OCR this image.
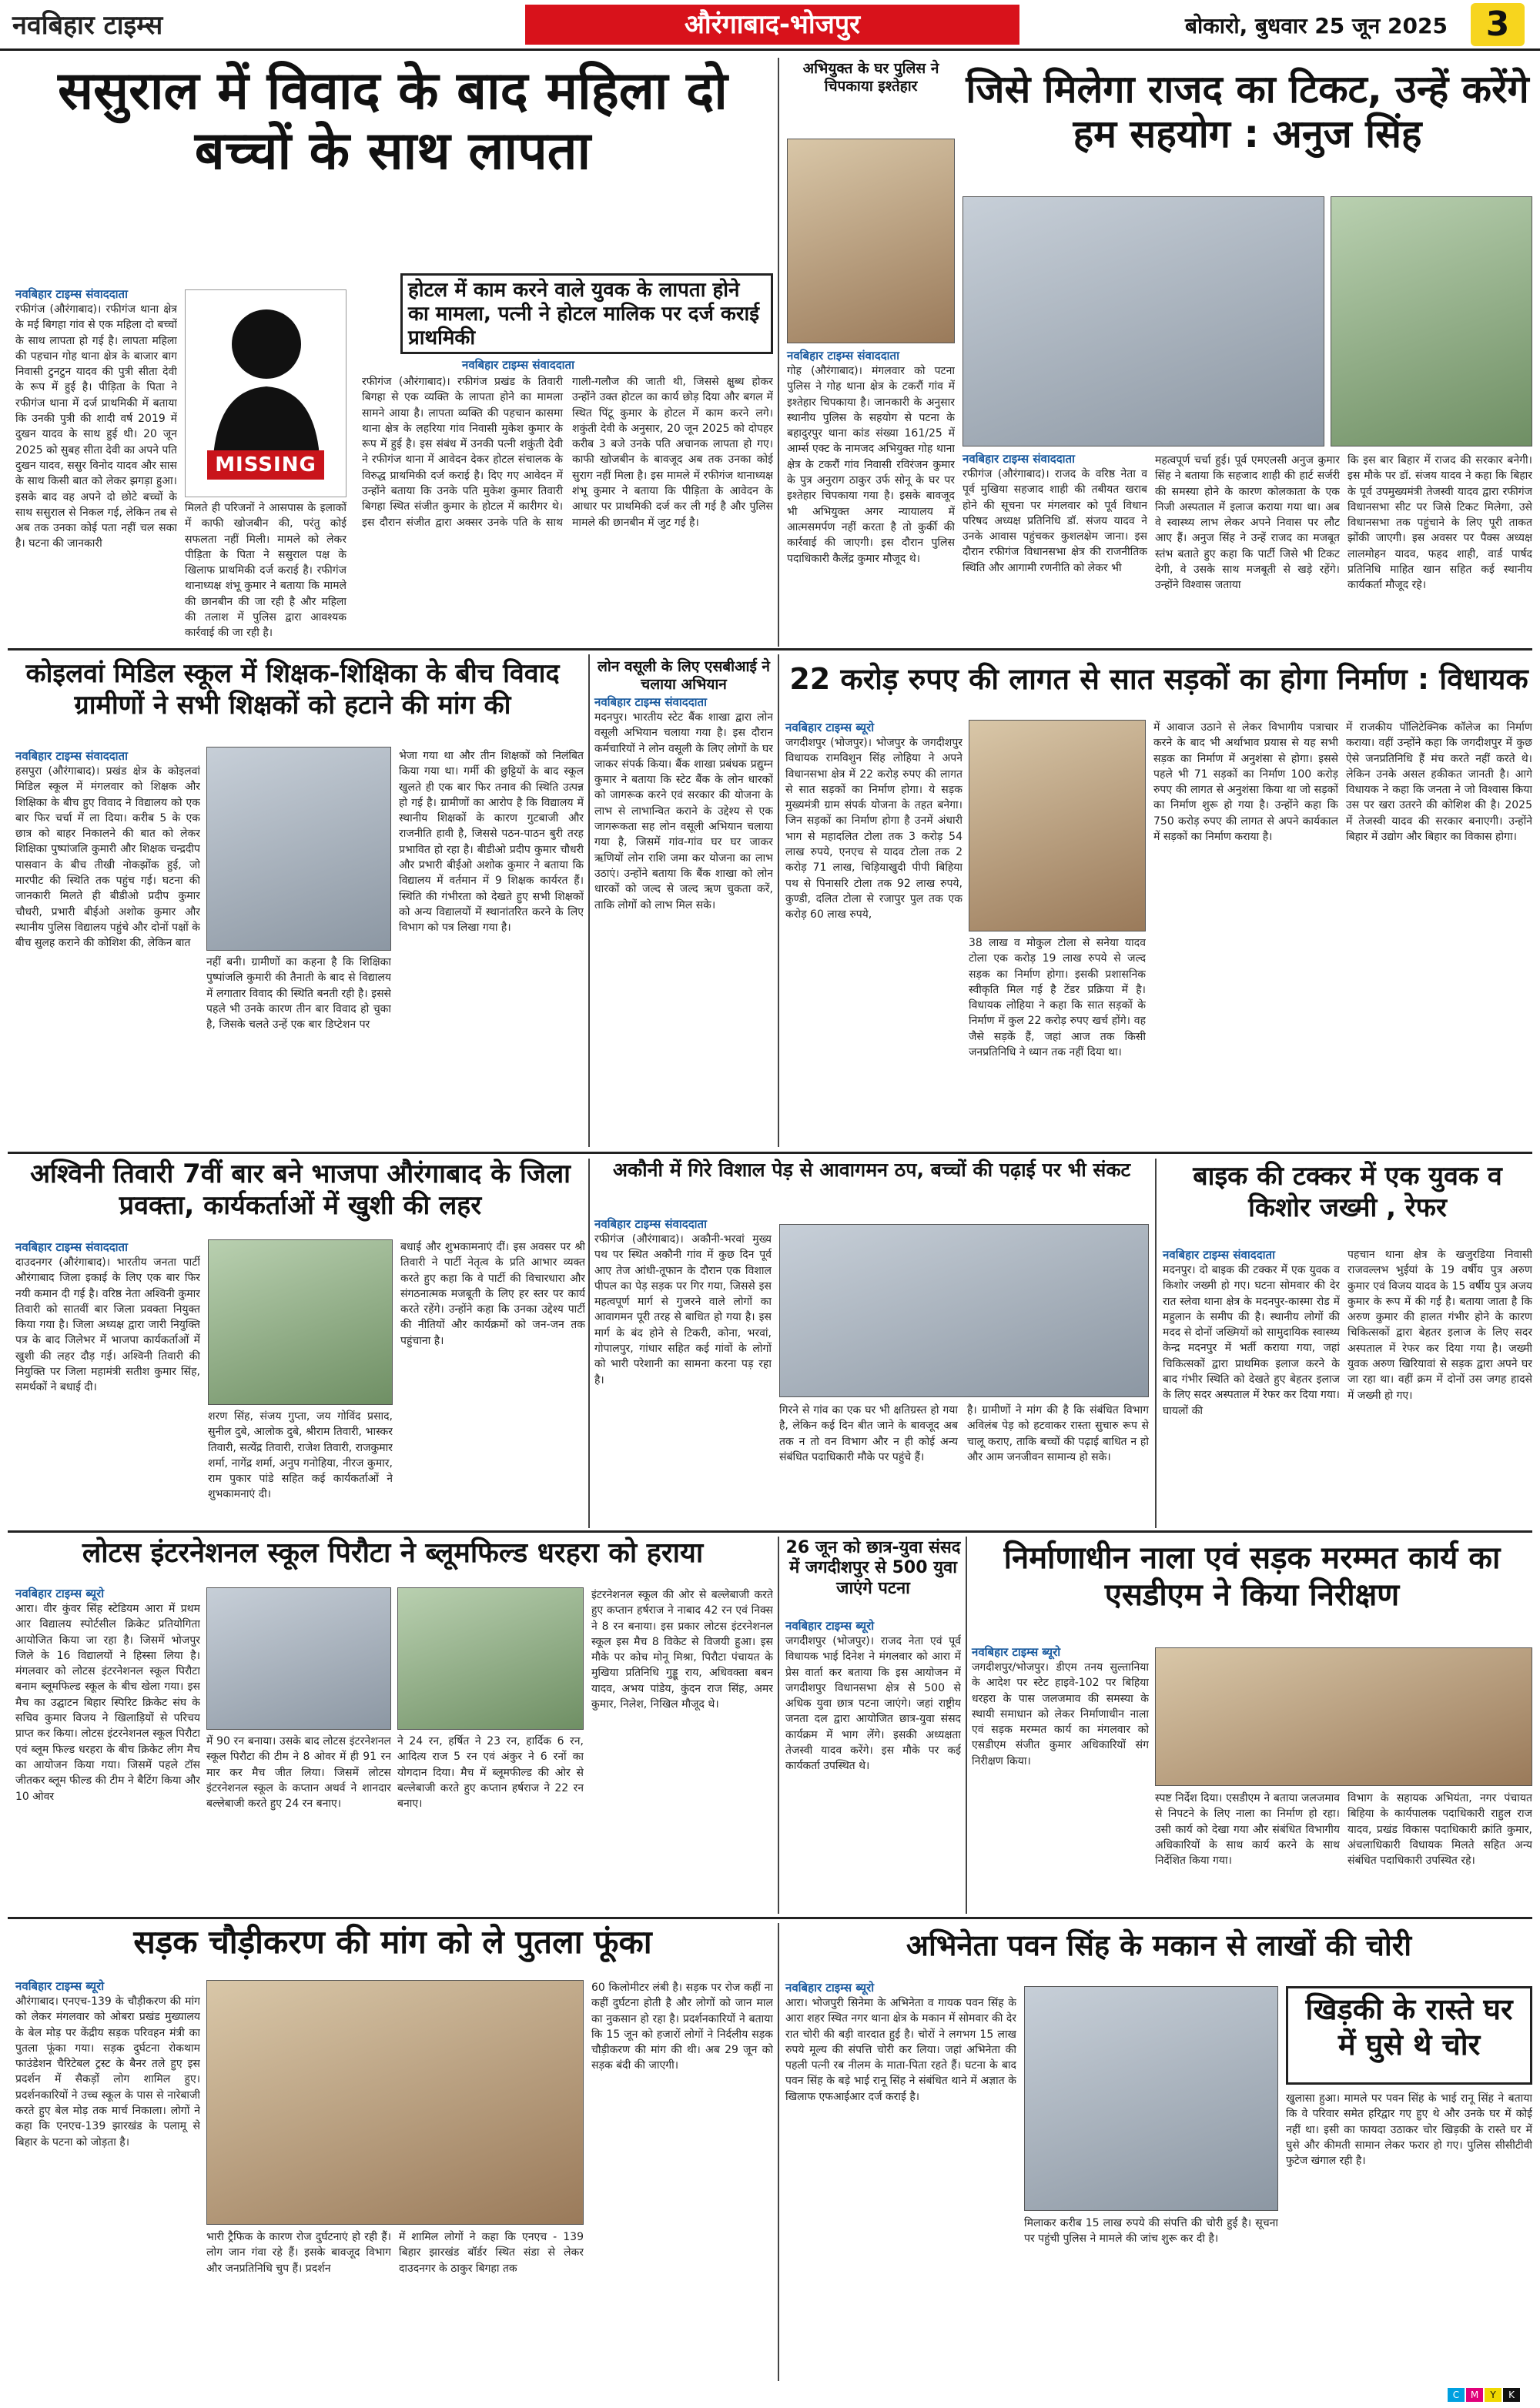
नवबिहार टाइम्स	औरंगाबाद-भोजपुर	बोकारो, बुधवार 25 जून 2025	3
ससुराल में विवाद के बाद महिला दो बच्चों के साथ लापता
नवबिहार टाइम्स संवाददाता
रफीगंज (औरंगाबाद)। रफीगंज थाना क्षेत्र के मई बिगहा गांव से एक महिला दो बच्चों के साथ लापता हो गई है। लापता महिला की पहचान गोह थाना क्षेत्र के बाजार बाग निवासी टुनटुन यादव की पुत्री सीता देवी के रूप में हुई है। पीड़िता के पिता ने रफीगंज थाना में दर्ज प्राथमिकी में बताया कि उनकी पुत्री की शादी वर्ष 2019 में दुखन यादव के साथ हुई थी। 20 जून 2025 को सुबह सीता देवी का अपने पति दुखन यादव, ससुर विनोद यादव और सास के साथ किसी बात को लेकर झगड़ा हुआ। इसके बाद वह अपने दो छोटे बच्चों के साथ ससुराल से निकल गई, लेकिन तब से अब तक उनका कोई पता नहीं चल सका है। घटना की जानकारी
MISSING
मिलते ही परिजनों ने आसपास के इलाकों में काफी खोजबीन की, परंतु कोई सफलता नहीं मिली। मामले को लेकर पीड़िता के पिता ने ससुराल पक्ष के खिलाफ प्राथमिकी दर्ज कराई है। रफीगंज थानाध्यक्ष शंभू कुमार ने बताया कि मामले की छानबीन की जा रही है और महिला की तलाश में पुलिस द्वारा आवश्यक कार्रवाई की जा रही है।
होटल में काम करने वाले युवक के लापता होने का मामला, पत्नी ने होटल मालिक पर दर्ज कराई प्राथमिकी
नवबिहार टाइम्स संवाददाता
रफीगंज (औरंगाबाद)। रफीगंज प्रखंड के तिवारी बिगहा से एक व्यक्ति के लापता होने का मामला सामने आया है। लापता व्यक्ति की पहचान कासमा थाना क्षेत्र के लहरिया गांव निवासी मुकेश कुमार के रूप में हुई है। इस संबंध में उनकी पत्नी शकुंती देवी ने रफीगंज थाना में आवेदन देकर होटल संचालक के विरुद्ध प्राथमिकी दर्ज कराई है। दिए गए आवेदन में उन्होंने बताया कि उनके पति मुकेश कुमार तिवारी बिगहा स्थित संजीत कुमार के होटल में कारीगर थे। इस दौरान संजीत द्वारा अक्सर उनके पति के साथ गाली-गलौज की जाती थी, जिससे क्षुब्ध होकर उन्होंने उक्त होटल का कार्य छोड़ दिया और बगल में स्थित पिंटू कुमार के होटल में काम करने लगे। शकुंती देवी के अनुसार, 20 जून 2025 को दोपहर करीब 3 बजे उनके पति अचानक लापता हो गए। काफी खोजबीन के बावजूद अब तक उनका कोई सुराग नहीं मिला है। इस मामले में रफीगंज थानाध्यक्ष शंभू कुमार ने बताया कि पीड़िता के आवेदन के आधार पर प्राथमिकी दर्ज कर ली गई है और पुलिस मामले की छानबीन में जुट गई है।
अभियुक्त के घर पुलिस ने चिपकाया इश्तेहार
नवबिहार टाइम्स संवाददाता
गोह (औरंगाबाद)। मंगलवार को पटना पुलिस ने गोह थाना क्षेत्र के टकरौं गांव में इश्तेहार चिपकाया है। जानकारी के अनुसार स्थानीय पुलिस के सहयोग से पटना के बहादुरपुर थाना कांड संख्या 161/25 में आर्म्स एक्ट के नामजद अभियुक्त गोह थाना क्षेत्र के टकरौं गांव निवासी रविरंजन कुमार के पुत्र अनुराग ठाकुर उर्फ सोनू के घर पर इश्तेहार चिपकाया गया है। इसके बावजूद भी अभियुक्त अगर न्यायालय में आत्मसमर्पण नहीं करता है तो कुर्की की कार्रवाई की जाएगी। इस दौरान पुलिस पदाधिकारी कैलेंद्र कुमार मौजूद थे।
जिसे मिलेगा राजद का टिकट, उन्हें करेंगे हम सहयोग : अनुज सिंह
नवबिहार टाइम्स संवाददाता
रफीगंज (औरंगाबाद)। राजद के वरिष्ठ नेता व पूर्व मुखिया सहजाद शाही की तबीयत खराब होने की सूचना पर मंगलवार को पूर्व विधान परिषद अध्यक्ष प्रतिनिधि डॉ. संजय यादव ने उनके आवास पहुंचकर कुशलक्षेम जाना। इस दौरान रफीगंज विधानसभा क्षेत्र की राजनीतिक स्थिति और आगामी रणनीति को लेकर भी
महत्वपूर्ण चर्चा हुई। पूर्व एमएलसी अनुज कुमार सिंह ने बताया कि सहजाद शाही की हार्ट सर्जरी की समस्या होने के कारण कोलकाता के एक निजी अस्पताल में इलाज कराया गया था। अब वे स्वास्थ्य लाभ लेकर अपने निवास पर लौट आए हैं। अनुज सिंह ने उन्हें राजद का मजबूत स्तंभ बताते हुए कहा कि पार्टी जिसे भी टिकट देगी, वे उसके साथ मजबूती से खड़े रहेंगे। उन्होंने विश्वास जताया
कि इस बार बिहार में राजद की सरकार बनेगी। इस मौके पर डॉ. संजय यादव ने कहा कि बिहार के पूर्व उपमुख्यमंत्री तेजस्वी यादव द्वारा रफीगंज विधानसभा सीट पर जिसे टिकट मिलेगा, उसे विधानसभा तक पहुंचाने के लिए पूरी ताकत झोंकी जाएगी। इस अवसर पर पैक्स अध्यक्ष लालमोहन यादव, फहद शाही, वार्ड पार्षद प्रतिनिधि माहित खान सहित कई स्थानीय कार्यकर्ता मौजूद रहे।
कोइलवां मिडिल स्कूल में शिक्षक-शिक्षिका के बीच विवाद ग्रामीणों ने सभी शिक्षकों को हटाने की मांग की
नवबिहार टाइम्स संवाददाता
हसपुरा (औरंगाबाद)। प्रखंड क्षेत्र के कोइलवां मिडिल स्कूल में मंगलवार को शिक्षक और शिक्षिका के बीच हुए विवाद ने विद्यालय को एक बार फिर चर्चा में ला दिया। करीब 5 के एक छात्र को बाहर निकालने की बात को लेकर शिक्षिका पुष्पांजलि कुमारी और शिक्षक चन्द्रदीप पासवान के बीच तीखी नोकझोंक हुई, जो मारपीट की स्थिति तक पहुंच गई। घटना की जानकारी मिलते ही बीडीओ प्रदीप कुमार चौधरी, प्रभारी बीईओ अशोक कुमार और स्थानीय पुलिस विद्यालय पहुंचे और दोनों पक्षों के बीच सुलह कराने की कोशिश की, लेकिन बात
नहीं बनी। ग्रामीणों का कहना है कि शिक्षिका पुष्पांजलि कुमारी की तैनाती के बाद से विद्यालय में लगातार विवाद की स्थिति बनती रही है। इससे पहले भी उनके कारण तीन बार विवाद हो चुका है, जिसके चलते उन्हें एक बार डिप्टेशन पर
भेजा गया था और तीन शिक्षकों को निलंबित किया गया था। गर्मी की छुट्टियों के बाद स्कूल खुलते ही एक बार फिर तनाव की स्थिति उत्पन्न हो गई है। ग्रामीणों का आरोप है कि विद्यालय में स्थानीय शिक्षकों के कारण गुटबाजी और राजनीति हावी है, जिससे पठन-पाठन बुरी तरह प्रभावित हो रहा है। बीडीओ प्रदीप कुमार चौधरी और प्रभारी बीईओ अशोक कुमार ने बताया कि विद्यालय में वर्तमान में 9 शिक्षक कार्यरत हैं। स्थिति की गंभीरता को देखते हुए सभी शिक्षकों को अन्य विद्यालयों में स्थानांतरित करने के लिए विभाग को पत्र लिखा गया है।
लोन वसूली के लिए एसबीआई ने चलाया अभियान
नवबिहार टाइम्स संवाददाता
मदनपुर। भारतीय स्टेट बैंक शाखा द्वारा लोन वसूली अभियान चलाया गया है। इस दौरान कर्मचारियों ने लोन वसूली के लिए लोगों के घर जाकर संपर्क किया। बैंक शाखा प्रबंधक प्रद्युम्न कुमार ने बताया कि स्टेट बैंक के लोन धारकों को जागरूक करने एवं सरकार की योजना के लाभ से लाभान्वित कराने के उद्देश्य से एक जागरूकता सह लोन वसूली अभियान चलाया गया है, जिसमें गांव-गांव घर घर जाकर ऋणियों लोन राशि जमा कर योजना का लाभ उठाएं। उन्होंने बताया कि बैंक शाखा को लोन धारकों को जल्द से जल्द ऋण चुकता करें, ताकि लोगों को लाभ मिल सके।
22 करोड़ रुपए की लागत से सात सड़कों का होगा निर्माण : विधायक
नवबिहार टाइम्स ब्यूरो
जगदीशपुर (भोजपुर)। भोजपुर के जगदीशपुर विधायक रामविशुन सिंह लोहिया ने अपने विधानसभा क्षेत्र में 22 करोड़ रुपए की लागत से सात सड़कों का निर्माण होगा। ये सड़क मुख्यमंत्री ग्राम संपर्क योजना के तहत बनेगा। जिन सड़कों का निर्माण होगा है उनमें अंधारी भाग से महादलित टोला तक 3 करोड़ 54 लाख रुपये, एनएच से यादव टोला तक 2 करोड़ 71 लाख, चिड़ियाखुदी पीपी बिहिया पथ से पिनासरि टोला तक 92 लाख रुपये, कुण्डी, दलित टोला से रजापुर पुल तक एक करोड़ 60 लाख रुपये,
38 लाख व मोकुल टोला से सनेया यादव टोला एक करोड़ 19 लाख रुपये से जल्द सड़क का निर्माण होगा। इसकी प्रशासनिक स्वीकृति मिल गई है टेंडर प्रक्रिया में है। विधायक लोहिया ने कहा कि सात सड़कों के निर्माण में कुल 22 करोड़ रुपए खर्च होंगे। वह जैसे सड़कें हैं, जहां आज तक किसी जनप्रतिनिधि ने ध्यान तक नहीं दिया था।
में आवाज उठाने से लेकर विभागीय पत्राचार करने के बाद भी अर्थाभाव प्रयास से यह सभी सड़क का निर्माण में अनुशंसा से होगा। इससे पहले भी 71 सड़कों का निर्माण 100 करोड़ रुपए की लागत से अनुशंसा किया था जो सड़कों का निर्माण शुरू हो गया है। उन्होंने कहा कि 750 करोड़ रुपए की लागत से अपने कार्यकाल में सड़कों का निर्माण कराया है।
में राजकीय पॉलिटेक्निक कॉलेज का निर्माण कराया। वहीं उन्होंने कहा कि जगदीशपुर में कुछ ऐसे जनप्रतिनिधि हैं मंच करते नहीं करते थे। लेकिन उनके असल हकीकत जानती है। आगे विधायक ने कहा कि जनता ने जो विश्वास किया उस पर खरा उतरने की कोशिश की है। 2025 में तेजस्वी यादव की सरकार बनाएगी। उन्होंने बिहार में उद्योग और बिहार का विकास होगा।
अश्विनी तिवारी 7वीं बार बने भाजपा औरंगाबाद के जिला प्रवक्ता, कार्यकर्ताओं में खुशी की लहर
नवबिहार टाइम्स संवाददाता
दाउदनगर (औरंगाबाद)। भारतीय जनता पार्टी औरंगाबाद जिला इकाई के लिए एक बार फिर नयी कमान दी गई है। वरिष्ठ नेता अश्विनी कुमार तिवारी को सातवीं बार जिला प्रवक्ता नियुक्त किया गया है। जिला अध्यक्ष द्वारा जारी नियुक्ति पत्र के बाद जिलेभर में भाजपा कार्यकर्ताओं में खुशी की लहर दौड़ गई। अश्विनी तिवारी की नियुक्ति पर जिला महामंत्री सतीश कुमार सिंह, समर्थकों ने बधाई दी।
शरण सिंह, संजय गुप्ता, जय गोविंद प्रसाद, सुनील दुबे, आलोक दुबे, श्रीराम तिवारी, भास्कर तिवारी, सत्येंद्र तिवारी, राजेश तिवारी, राजकुमार शर्मा, नागेंद्र शर्मा, अनुप गनोहिया, नीरज कुमार, राम पुकार पांडे सहित कई कार्यकर्ताओं ने शुभकामनाएं दी।
बधाई और शुभकामनाएं दीं। इस अवसर पर श्री तिवारी ने पार्टी नेतृत्व के प्रति आभार व्यक्त करते हुए कहा कि वे पार्टी की विचारधारा और संगठनात्मक मजबूती के लिए हर स्तर पर कार्य करते रहेंगे। उन्होंने कहा कि उनका उद्देश्य पार्टी की नीतियों और कार्यक्रमों को जन-जन तक पहुंचाना है।
अकौनी में गिरे विशाल पेड़ से आवागमन ठप, बच्चों की पढ़ाई पर भी संकट
नवबिहार टाइम्स संवाददाता
रफीगंज (औरंगाबाद)। अकौनी-भरवां मुख्य पथ पर स्थित अकौनी गांव में कुछ दिन पूर्व आए तेज आंधी-तूफान के दौरान एक विशाल पीपल का पेड़ सड़क पर गिर गया, जिससे इस महत्वपूर्ण मार्ग से गुजरने वाले लोगों का आवागमन पूरी तरह से बाधित हो गया है। इस मार्ग के बंद होने से टिकरी, कोना, भरवां, गोपालपुर, गांधार सहित कई गांवों के लोगों को भारी परेशानी का सामना करना पड़ रहा है।
गिरने से गांव का एक घर भी क्षतिग्रस्त हो गया है, लेकिन कई दिन बीत जाने के बावजूद अब तक न तो वन विभाग और न ही कोई अन्य संबंधित पदाधिकारी मौके पर पहुंचे हैं।
है। ग्रामीणों ने मांग की है कि संबंधित विभाग अविलंब पेड़ को हटवाकर रास्ता सुचारु रूप से चालू कराए, ताकि बच्चों की पढ़ाई बाधित न हो और आम जनजीवन सामान्य हो सके।
बाइक की टक्कर में एक युवक व किशोर जख्मी , रेफर
नवबिहार टाइम्स संवाददाता
मदनपुर। दो बाइक की टक्कर में एक युवक व किशोर जख्मी हो गए। घटना सोमवार की देर रात स्लेवा थाना क्षेत्र के मदनपुर-कास्मा रोड में महुलान के समीप की है। स्थानीय लोगों की मदद से दोनों जख्मियों को सामुदायिक स्वास्थ्य केन्द्र मदनपुर में भर्ती कराया गया, जहां चिकित्सकों द्वारा प्राथमिक इलाज करने के बाद गंभीर स्थिति को देखते हुए बेहतर इलाज के लिए सदर अस्पताल में रेफर कर दिया गया। घायलों की
पहचान थाना क्षेत्र के खजुरडिया निवासी राजवल्लभ भुईयां के 19 वर्षीय पुत्र अरुण कुमार एवं विजय यादव के 15 वर्षीय पुत्र अजय कुमार के रूप में की गई है। बताया जाता है कि अरुण कुमार की हालत गंभीर होने के कारण चिकित्सकों द्वारा बेहतर इलाज के लिए सदर अस्पताल में रेफर कर दिया गया है। जख्मी युवक अरुण खिरियावां से सड़क द्वारा अपने घर जा रहा था। वहीं क्रम में दोनों उस जगह हादसे में जख्मी हो गए।
लोटस इंटरनेशनल स्कूल पिरौटा ने ब्लूमफिल्ड धरहरा को हराया
नवबिहार टाइम्स ब्यूरो
आरा। वीर कुंवर सिंह स्टेडियम आरा में प्रथम आर विद्यालय स्पोर्टसील क्रिकेट प्रतियोगिता आयोजित किया जा रहा है। जिसमें भोजपुर जिले के 16 विद्यालयों ने हिस्सा लिया है। मंगलवार को लोटस इंटरनेशनल स्कूल पिरौटा बनाम ब्लूमफिल्ड स्कूल के बीच खेला गया। इस मैच का उद्घाटन बिहार स्पिरिट क्रिकेट संघ के सचिव कुमार विजय ने खिलाड़ियों से परिचय प्राप्त कर किया। लोटस इंटरनेशनल स्कूल पिरौटा एवं ब्लूम फिल्ड धरहरा के बीच क्रिकेट लीग मैच का आयोजन किया गया। जिसमें पहले टॉस जीतकर ब्लूम फील्ड की टीम ने बैटिंग किया और 10 ओवर
में 90 रन बनाया। उसके बाद लोटस इंटरनेशनल स्कूल पिरौटा की टीम ने 8 ओवर में ही 91 रन मार कर मैच जीत लिया। जिसमें लोटस इंटरनेशनल स्कूल के कप्तान अथर्व ने शानदार बल्लेबाजी करते हुए 24 रन बनाए।
ने 24 रन, हर्षित ने 23 रन, हार्दिक 6 रन, आदित्य राज 5 रन एवं अंकुर ने 6 रनों का योगदान दिया। मैच में ब्लूमफील्ड की ओर से बल्लेबाजी करते हुए कप्तान हर्षराज ने 22 रन बनाए।
इंटरनेशनल स्कूल की ओर से बल्लेबाजी करते हुए कप्तान हर्षराज ने नाबाद 42 रन एवं निक्स ने 8 रन बनाया। इस प्रकार लोटस इंटरनेशनल स्कूल इस मैच 8 विकेट से विजयी हुआ। इस मौके पर कोच मोनू मिश्रा, पिरौटा पंचायत के मुखिया प्रतिनिधि गुड्डू राय, अधिवक्ता बबन यादव, अभय पांडेय, कुंदन राज सिंह, अमर कुमार, निलेश, निखिल मौजूद थे।
26 जून को छात्र-युवा संसद में जगदीशपुर से 500 युवा जाएंगे पटना
नवबिहार टाइम्स ब्यूरो
जगदीशपुर (भोजपुर)। राजद नेता एवं पूर्व विधायक भाई दिनेश ने मंगलवार को आरा में प्रेस वार्ता कर बताया कि इस आयोजन में जगदीशपुर विधानसभा क्षेत्र से 500 से अधिक युवा छात्र पटना जाएंगे। जहां राष्ट्रीय जनता दल द्वारा आयोजित छात्र-युवा संसद कार्यक्रम में भाग लेंगे। इसकी अध्यक्षता तेजस्वी यादव करेंगे। इस मौके पर कई कार्यकर्ता उपस्थित थे।
निर्माणाधीन नाला एवं सड़क मरम्मत कार्य का एसडीएम ने किया निरीक्षण
नवबिहार टाइम्स ब्यूरो
जगदीशपुर/भोजपुर। डीएम तनय सुल्तानिया के आदेश पर स्टेट हाइवे-102 पर बिहिया धरहरा के पास जलजमाव की समस्या के स्थायी समाधान को लेकर निर्माणाधीन नाला एवं सड़क मरम्मत कार्य का मंगलवार को एसडीएम संजीत कुमार अधिकारियों संग निरीक्षण किया।
स्पष्ट निर्देश दिया। एसडीएम ने बताया जलजमाव से निपटने के लिए नाला का निर्माण हो रहा। उसी कार्य को देखा गया और संबंधित विभागीय अधिकारियों के साथ कार्य करने के साथ निर्देशित किया गया।
विभाग के सहायक अभियंता, नगर पंचायत बिहिया के कार्यपालक पदाधिकारी राहुल राज यादव, प्रखंड विकास पदाधिकारी क्रांति कुमार, अंचलाधिकारी विधायक मिलते सहित अन्य संबंधित पदाधिकारी उपस्थित रहे।
सड़क चौड़ीकरण की मांग को ले पुतला फूंका
नवबिहार टाइम्स ब्यूरो
औरंगाबाद। एनएच-139 के चौड़ीकरण की मांग को लेकर मंगलवार को ओबरा प्रखंड मुख्यालय के बेल मोड़ पर केंद्रीय सड़क परिवहन मंत्री का पुतला फूंका गया। सड़क दुर्घटना रोकथाम फाउंडेशन चैरिटेबल ट्रस्ट के बैनर तले हुए इस प्रदर्शन में सैकड़ों लोग शामिल हुए। प्रदर्शनकारियों ने उच्च स्कूल के पास से नारेबाजी करते हुए बेल मोड़ तक मार्च निकाला। लोगों ने कहा कि एनएच-139 झारखंड के पलामू से बिहार के पटना को जोड़ता है।
भारी ट्रैफिक के कारण रोज दुर्घटनाएं हो रही हैं। लोग जान गंवा रहे हैं। इसके बावजूद विभाग और जनप्रतिनिधि चुप हैं। प्रदर्शन
में शामिल लोगों ने कहा कि एनएच - 139 बिहार झारखंड बॉर्डर स्थित संडा से लेकर दाउदनगर के ठाकुर बिगहा तक
60 किलोमीटर लंबी है। सड़क पर रोज कहीं ना कहीं दुर्घटना होती है और लोगों को जान माल का नुकसान हो रहा है। प्रदर्शनकारियों ने बताया कि 15 जून को हजारों लोगों ने निर्दलीय सड़क चौड़ीकरण की मांग की थी। अब 29 जून को सड़क बंदी की जाएगी।
अभिनेता पवन सिंह के मकान से लाखों की चोरी
नवबिहार टाइम्स ब्यूरो
आरा। भोजपुरी सिनेमा के अभिनेता व गायक पवन सिंह के आरा शहर स्थित नगर थाना क्षेत्र के मकान में सोमवार की देर रात चोरी की बड़ी वारदात हुई है। चोरों ने लगभग 15 लाख रुपये मूल्य की संपत्ति चोरी कर लिया। जहां अभिनेता की पहली पत्नी रब नीलम के माता-पिता रहते हैं। घटना के बाद पवन सिंह के बड़े भाई रानू सिंह ने संबंधित थाने में अज्ञात के खिलाफ एफआईआर दर्ज कराई है।
मिलाकर करीब 15 लाख रुपये की संपत्ति की चोरी हुई है। सूचना पर पहुंची पुलिस ने मामले की जांच शुरू कर दी है।
खिड़की के रास्ते घर में घुसे थे चोर
खुलासा हुआ। मामले पर पवन सिंह के भाई रानू सिंह ने बताया कि वे परिवार समेत हरिद्वार गए हुए थे और उनके घर में कोई नहीं था। इसी का फायदा उठाकर चोर खिड़की के रास्ते घर में घुसे और कीमती सामान लेकर फरार हो गए। पुलिस सीसीटीवी फुटेज खंगाल रही है।
C M Y K
